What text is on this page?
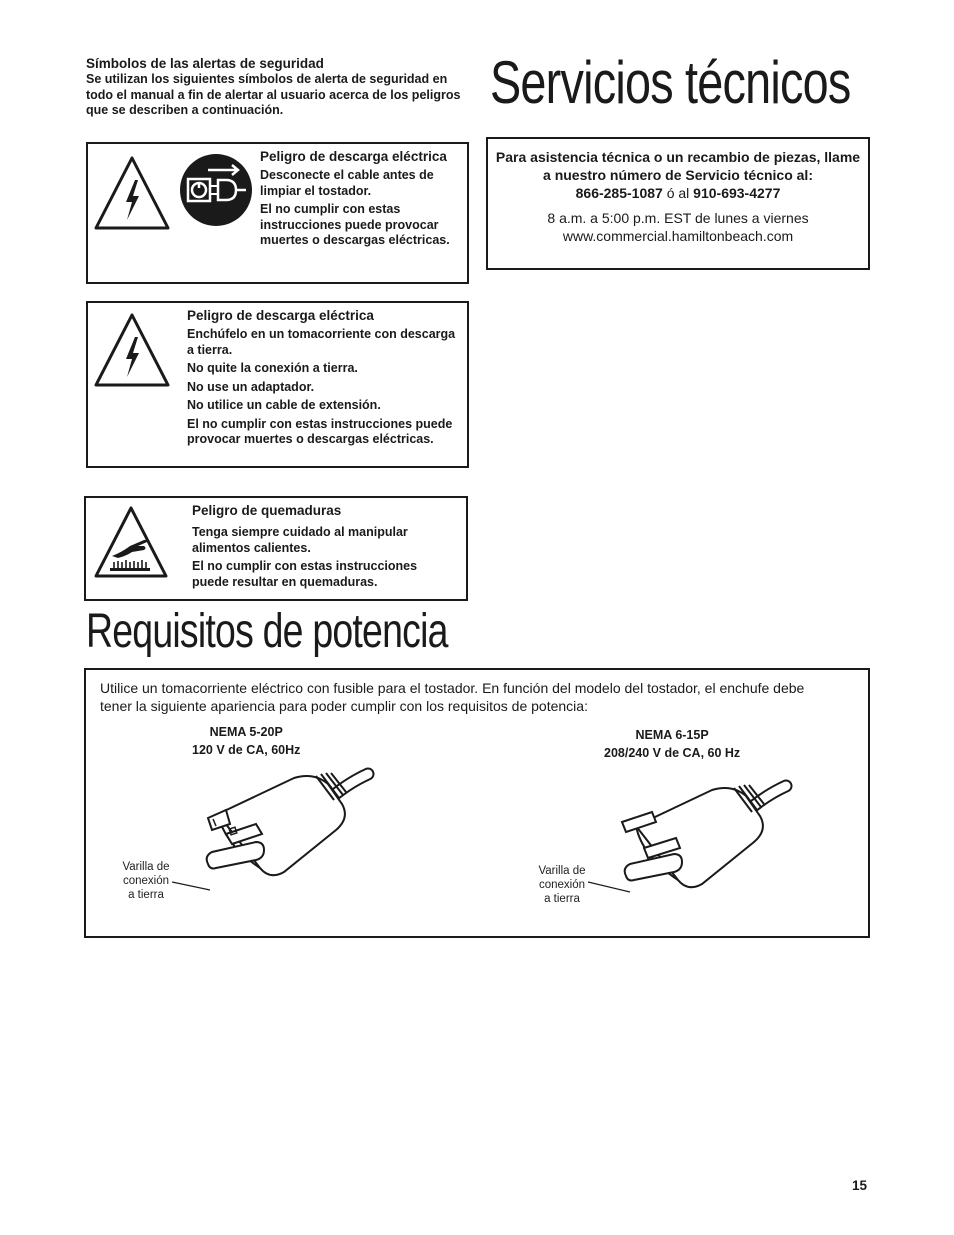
Símbolos de las alertas de seguridad
Se utilizan los siguientes símbolos de alerta de seguridad en todo el manual a fin de alertar al usuario acerca de los peligros que se describen a continuación.	Servicios técnicos
Requisitos de potencia

Peligro de descarga eléctrica

Desconecte el cable antes de limpiar el tostador.

El no cumplir con estas instrucciones puede provocar muertes o descargas eléctricas.

Peligro de descarga eléctrica

Enchúfelo en un tomacorriente con descarga a tierra.

No quite la conexión a tierra.

No use un adaptador.

No utilice un cable de extensión.

El no cumplir con estas instrucciones puede provocar muertes o descargas eléctricas.

Peligro de quemaduras

Tenga siempre cuidado al manipular alimentos calientes.

El no cumplir con estas instrucciones puede resultar en quemaduras.

Para asistencia técnica o un recambio de piezas, llame a nuestro número de Servicio técnico al:
866-285-1087 ó al 910-693-4277
8 a.m. a 5:00 p.m. EST de lunes a viernes
www.commercial.hamiltonbeach.com
Utilice un tomacorriente eléctrico con fusible para el tostador. En función del modelo del tostador, el enchufe debe tener la siguiente apariencia para poder cumplir con los requisitos de potencia:
NEMA 5-20P
120 V de CA, 60Hz
Varilla de
conexión
a tierra
NEMA 6-15P
208/240 V de CA, 60 Hz
Varilla de
conexión
a tierra
15
